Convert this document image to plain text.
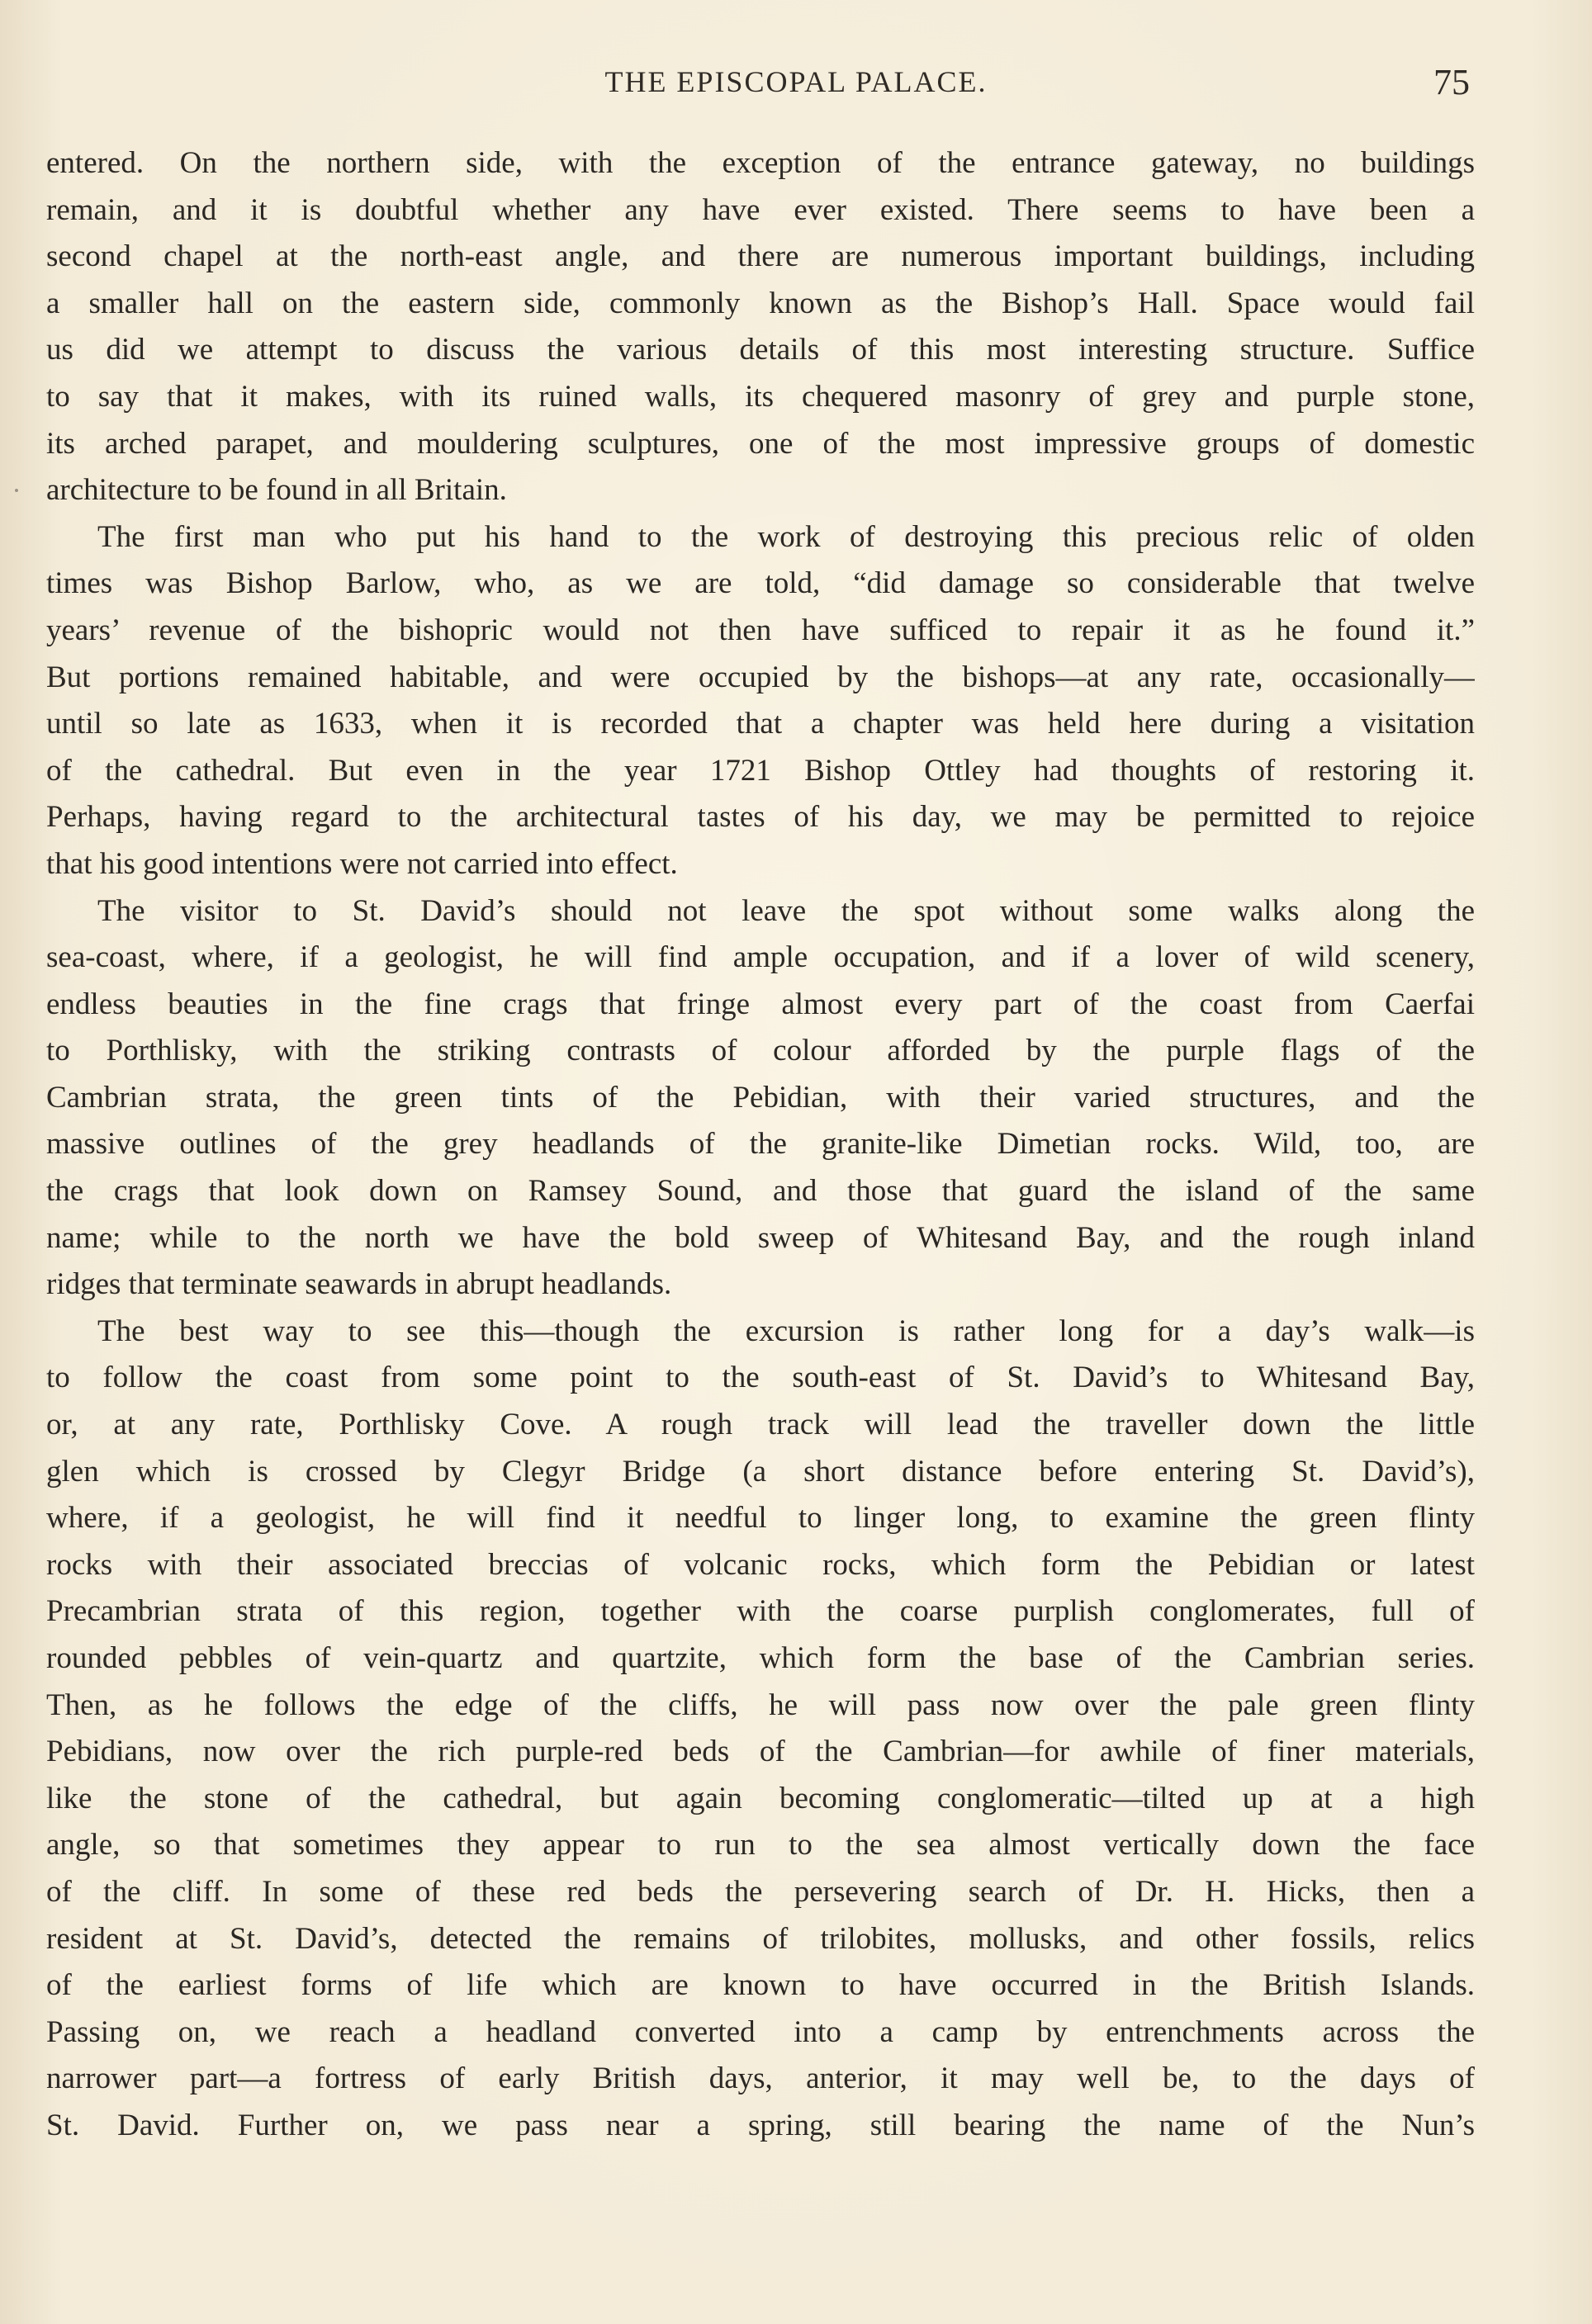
THE EPISCOPAL PALACE.	75
entered. On the northern side, with the exception of the entrance gateway, no buildings
remain, and it is doubtful whether any have ever existed. There seems to have been a
second chapel at the north-east angle, and there are numerous important buildings, including
a smaller hall on the eastern side, commonly known as the Bishop’s Hall. Space would fail
us did we attempt to discuss the various details of this most interesting structure. Suffice
to say that it makes, with its ruined walls, its chequered masonry of grey and purple stone,
its arched parapet, and mouldering sculptures, one of the most impressive groups of domestic
architecture to be found in all Britain.
The first man who put his hand to the work of destroying this precious relic of olden
times was Bishop Barlow, who, as we are told, “did damage so considerable that twelve
years’ revenue of the bishopric would not then have sufficed to repair it as he found it.”
But portions remained habitable, and were occupied by the bishops—at any rate, occasionally—
until so late as 1633, when it is recorded that a chapter was held here during a visitation
of the cathedral. But even in the year 1721 Bishop Ottley had thoughts of restoring it.
Perhaps, having regard to the architectural tastes of his day, we may be permitted to rejoice
that his good intentions were not carried into effect.
The visitor to St. David’s should not leave the spot without some walks along the
sea-coast, where, if a geologist, he will find ample occupation, and if a lover of wild scenery,
endless beauties in the fine crags that fringe almost every part of the coast from Caerfai
to Porthlisky, with the striking contrasts of colour afforded by the purple flags of the
Cambrian strata, the green tints of the Pebidian, with their varied structures, and the
massive outlines of the grey headlands of the granite-like Dimetian rocks. Wild, too, are
the crags that look down on Ramsey Sound, and those that guard the island of the same
name; while to the north we have the bold sweep of Whitesand Bay, and the rough inland
ridges that terminate seawards in abrupt headlands.
The best way to see this—though the excursion is rather long for a day’s walk—is
to follow the coast from some point to the south-east of St. David’s to Whitesand Bay,
or, at any rate, Porthlisky Cove. A rough track will lead the traveller down the little
glen which is crossed by Clegyr Bridge (a short distance before entering St. David’s),
where, if a geologist, he will find it needful to linger long, to examine the green flinty
rocks with their associated breccias of volcanic rocks, which form the Pebidian or latest
Precambrian strata of this region, together with the coarse purplish conglomerates, full of
rounded pebbles of vein-quartz and quartzite, which form the base of the Cambrian series.
Then, as he follows the edge of the cliffs, he will pass now over the pale green flinty
Pebidians, now over the rich purple-red beds of the Cambrian—for awhile of finer materials,
like the stone of the cathedral, but again becoming conglomeratic—tilted up at a high
angle, so that sometimes they appear to run to the sea almost vertically down the face
of the cliff. In some of these red beds the persevering search of Dr. H. Hicks, then a
resident at St. David’s, detected the remains of trilobites, mollusks, and other fossils, relics
of the earliest forms of life which are known to have occurred in the British Islands.
Passing on, we reach a headland converted into a camp by entrenchments across the
narrower part—a fortress of early British days, anterior, it may well be, to the days of
St. David. Further on, we pass near a spring, still bearing the name of the Nun’s
